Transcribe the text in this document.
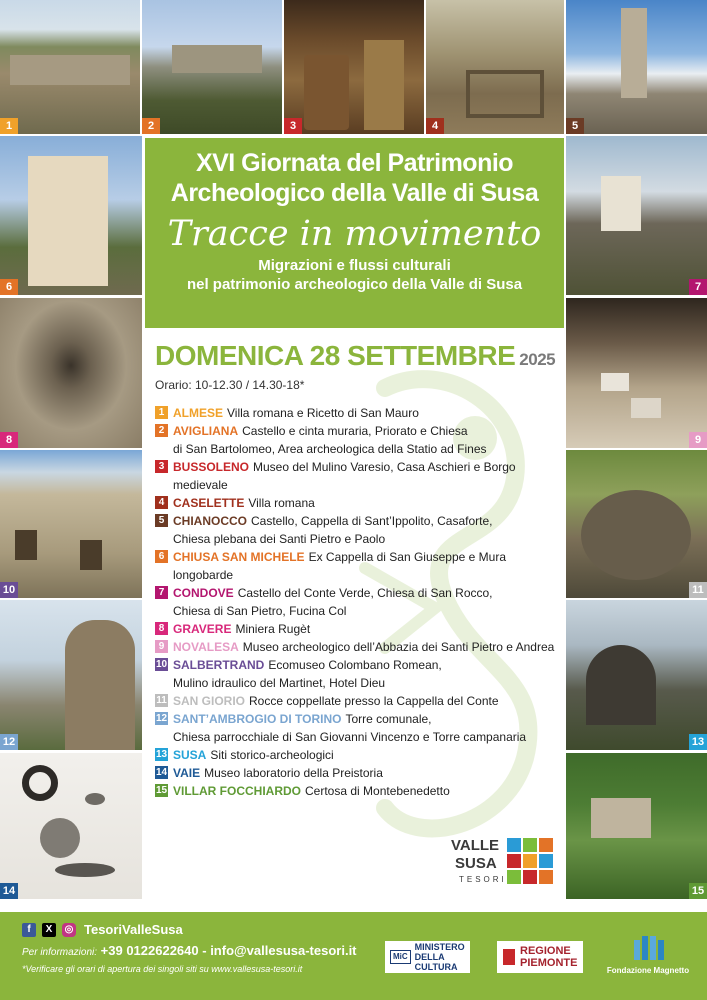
1	2	3	4	5
6
8
10
12
14
7
9
11
13
15
XVI Giornata del Patrimonio
Archeologico della Valle di Susa
Tracce in movimento
Migrazioni e flussi culturali
nel patrimonio archeologico della Valle di Susa
DOMENICA 28 SETTEMBRE 2025
Orario: 10-12.30 / 14.30-18*
1 ALMESE Villa romana e Ricetto di San Mauro
2 AVIGLIANA Castello e cinta muraria, Priorato e Chiesa
di San Bartolomeo, Area archeologica della Statio ad Fines
3 BUSSOLENO Museo del Mulino Varesio, Casa Aschieri e Borgo medievale
4 CASELETTE Villa romana
5 CHIANOCCO Castello, Cappella di Sant’Ippolito, Casaforte,
Chiesa plebana dei Santi Pietro e Paolo
6 CHIUSA SAN MICHELE Ex Cappella di San Giuseppe e Mura longobarde
7 CONDOVE Castello del Conte Verde, Chiesa di San Rocco,
Chiesa di San Pietro, Fucina Col
8 GRAVERE Miniera Rugèt
9 NOVALESA Museo archeologico dell’Abbazia dei Santi Pietro e Andrea
10 SALBERTRAND Ecomuseo Colombano Romean,
Mulino idraulico del Martinet, Hotel Dieu
11 SAN GIORIO Rocce coppellate presso la Cappella del Conte
12 SANT’AMBROGIO DI TORINO Torre comunale,
Chiesa parrocchiale di San Giovanni Vincenzo e Torre campanaria
13 SUSA Siti storico-archeologici
14 VAIE Museo laboratorio della Preistoria
15 VILLAR FOCCHIARDO Certosa di Montebenedetto
VALLE
SUSA
TESORI
f	X	◎ TesoriValleSusa
Per informazioni: +39 0122622640 - info@vallesusa-tesori.it
*Verificare gli orari di apertura dei singoli siti su www.vallesusa-tesori.it
MiC
MINISTERO
DELLA
CULTURA
REGIONE
PIEMONTE
Fondazione Magnetto
